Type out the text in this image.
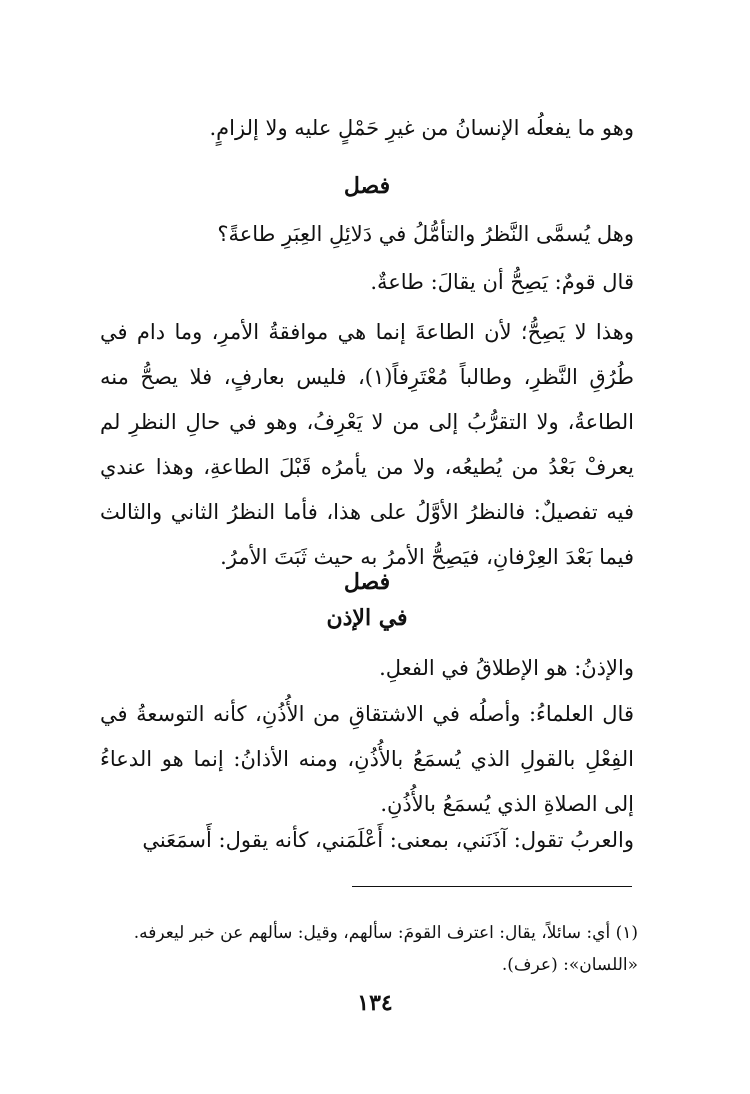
وهو ما يفعلُه الإنسانُ من غيرِ حَمْلٍ عليه ولا إلزامٍ.

فصل

وهل يُسمَّى النَّظرُ والتأمُّلُ في دَلائِلِ العِبَرِ طاعةً؟

قال قومٌ: يَصِحُّ أن يقالَ: طاعةٌ.

وهذا لا يَصِحُّ؛ لأن الطاعةَ إنما هي موافقةُ الأمرِ، وما دام في طُرُقِ النَّظرِ، وطالباً مُعْتَرِفاً(١)، فليس بعارفٍ، فلا يصحُّ منه الطاعةُ، ولا التقرُّبُ إلى من لا يَعْرِفُ، وهو في حالِ النظرِ لم يعرفْ بَعْدُ من يُطيعُه، ولا من يأمرُه قَبْلَ الطاعةِ، وهذا عندي فيه تفصيلٌ: فالنظرُ الأوَّلُ على هذا، فأما النظرُ الثاني والثالث فيما بَعْدَ العِرْفانِ، فيَصِحُّ الأمرُ به حيث ثَبَتَ الأمرُ.

فصل

في الإذن

والإذنُ: هو الإطلاقُ في الفعلِ.

قال العلماءُ: وأصلُه في الاشتقاقِ من الأُذُنِ، كأنه التوسعةُ في الفِعْلِ بالقولِ الذي يُسمَعُ بالأُذُنِ، ومنه الأذانُ: إنما هو الدعاءُ إلى الصلاةِ الذي يُسمَعُ بالأُذُنِ.

والعربُ تقول: آذَنَني، بمعنى: أَعْلَمَني، كأنه يقول: أَسمَعَني

(١) أي: سائلاً، يقال: اعترف القومَ: سألهم، وقيل: سألهم عن خبر ليعرفه.

«اللسان»: (عرف).

١٣٤
